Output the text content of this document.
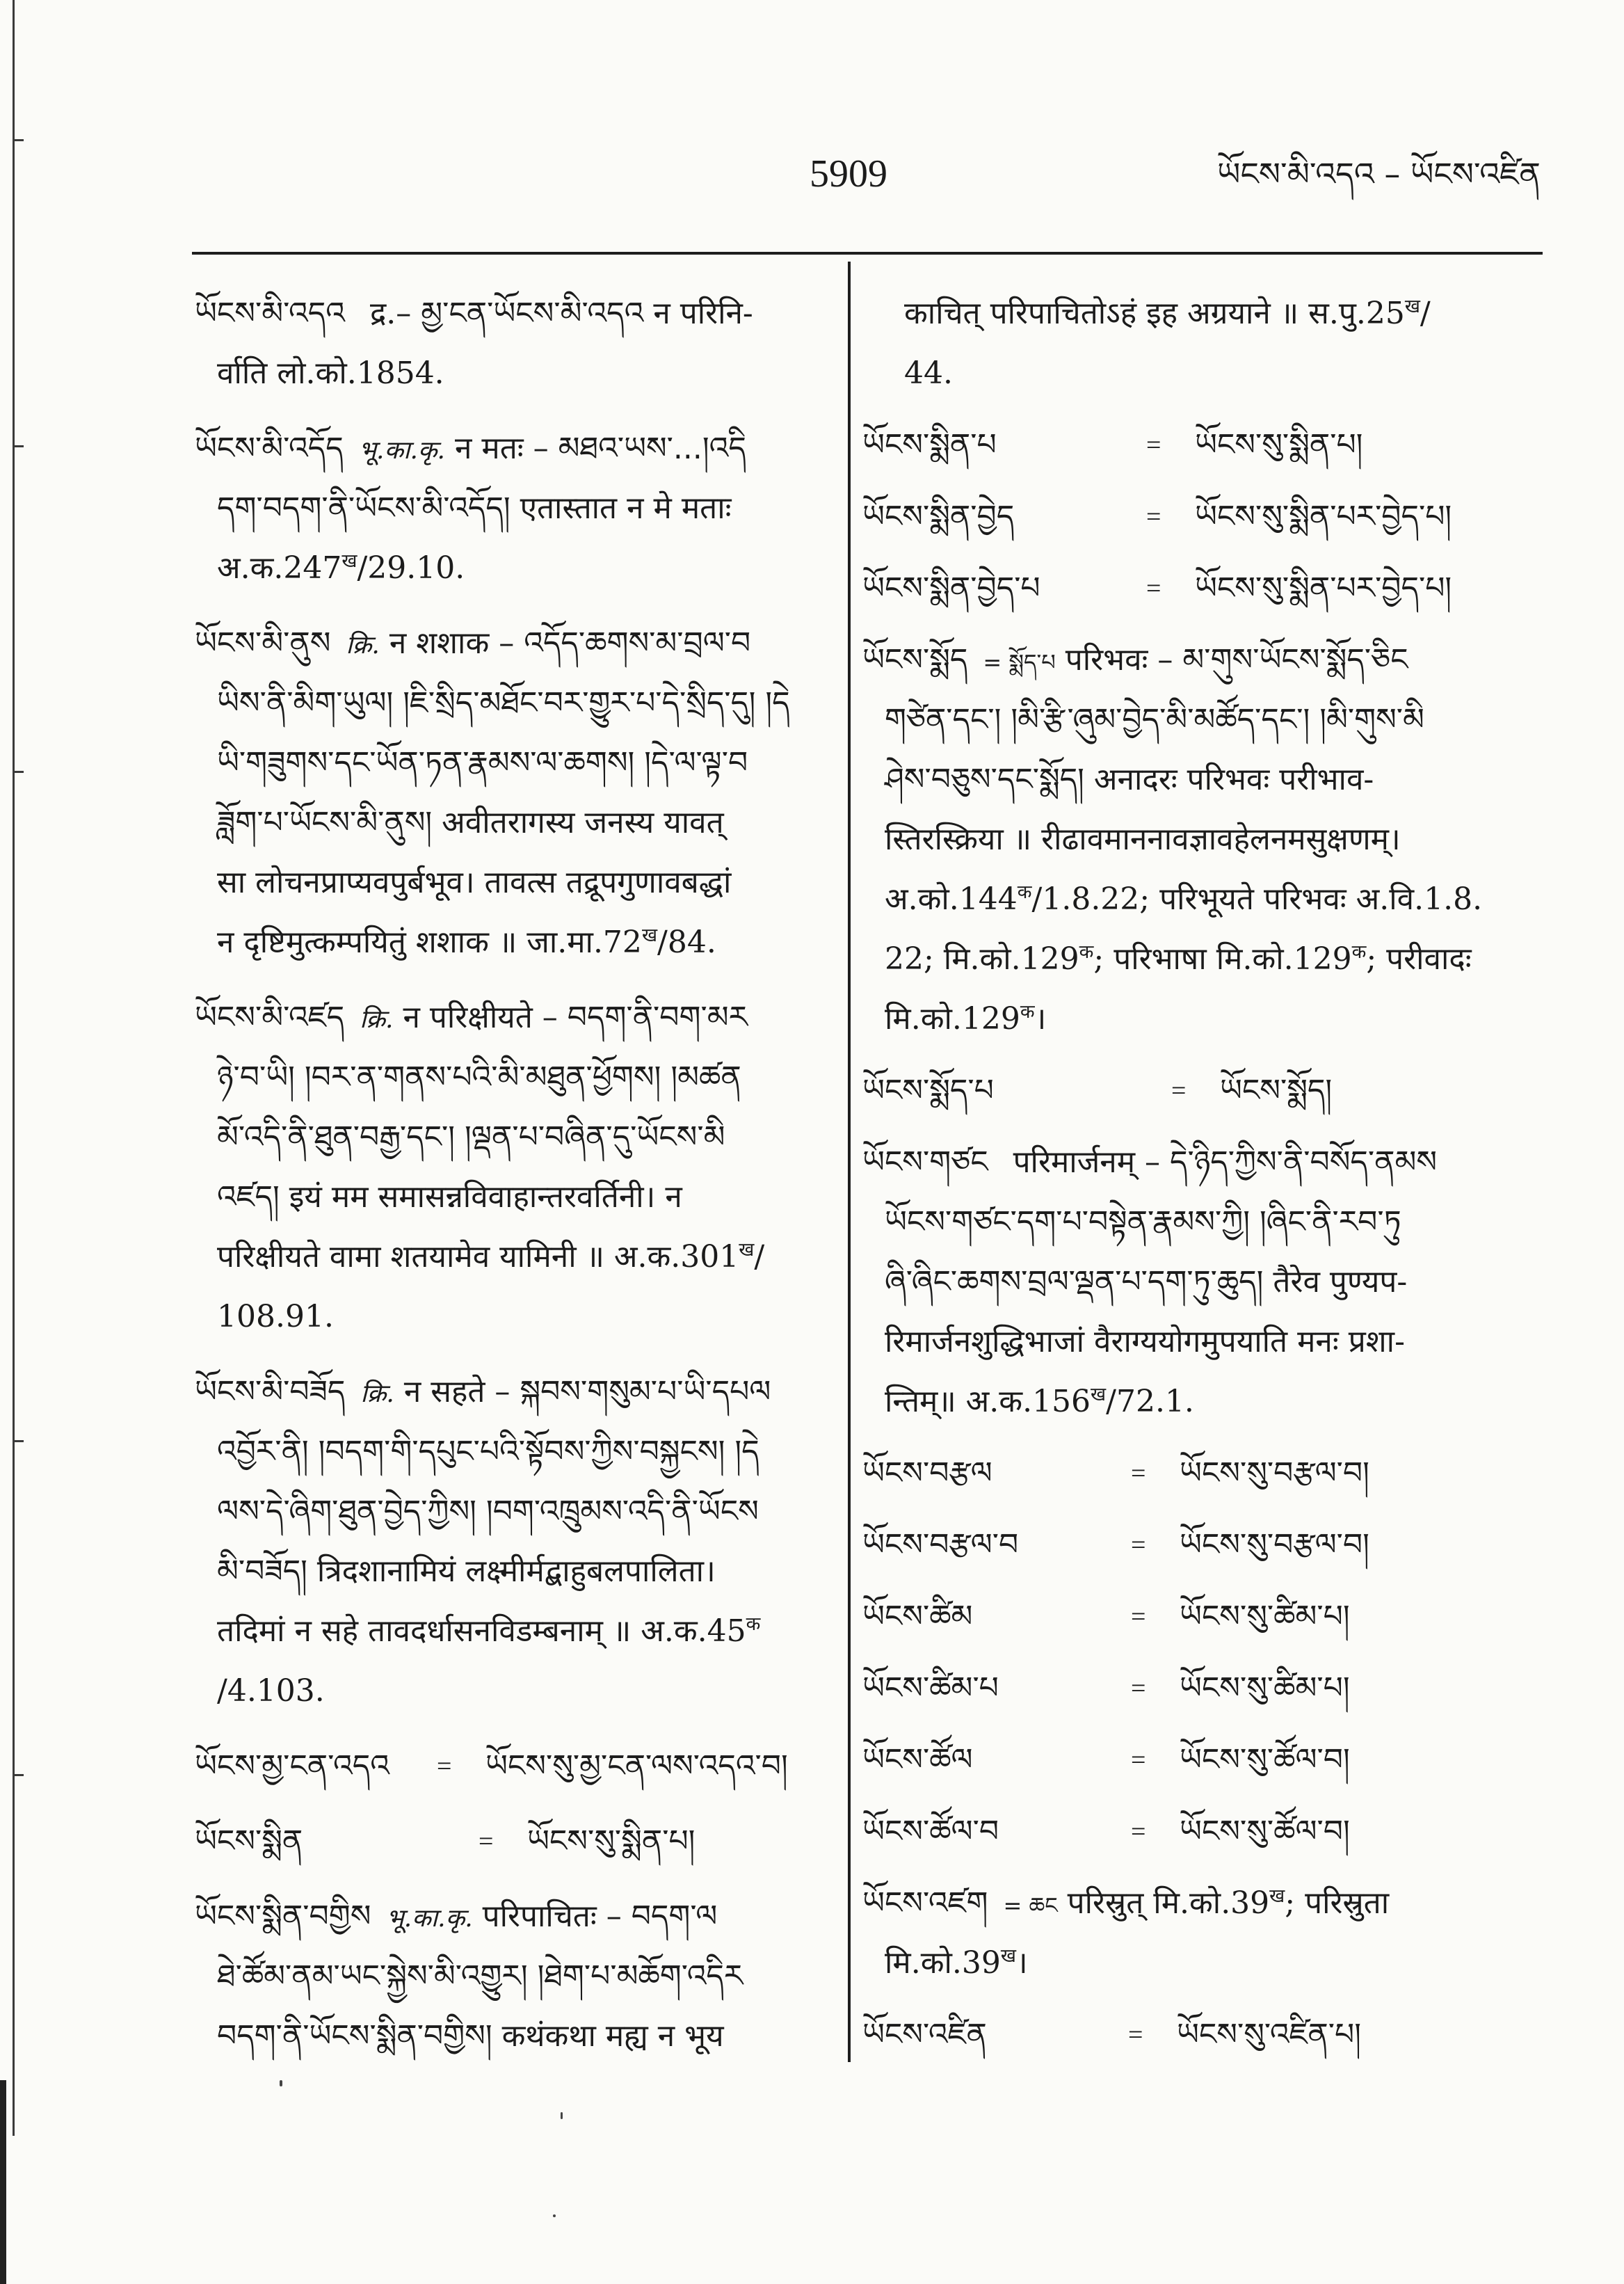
5909	ཡོངས་མི་འདའ – ཡོངས་འཛིན
ཡོངས་མི་འདའ द्र.– མྱ་ངན་ཡོངས་མི་འདའ न परिनि-
र्वाति लो.को.1854.
ཡོངས་མི་འདོད भू.का.कृ. न मतः – མཐའ་ཡས་...།འདི
དག་བདག་ནི་ཡོངས་མི་འདོད། एतास्तात न मे मताः
अ.क.247ख/29.10.
ཡོངས་མི་ནུས क्रि. न शशाक – འདོད་ཆགས་མ་བྲལ་བ
ཡིས་ནི་མིག་ཡུལ། །ཇི་སྲིད་མཐོང་བར་གྱུར་པ་དེ་སྲིད་དུ། །དེ
ཡི་གཟུགས་དང་ཡོན་ཏན་རྣམས་ལ་ཆགས། །དེ་ལ་ལྟ་བ
ཟློག་པ་ཡོངས་མི་ནུས། अवीतरागस्य जनस्य यावत्
सा लोचनप्राप्यवपुर्बभूव। तावत्स तद्रूपगुणावबद्धां
न दृष्टिमुत्कम्पयितुं शशाक ॥ जा.मा.72ख/84.
ཡོངས་མི་འཛད क्रि. न परिक्षीयते – བདག་ནི་བག་མར
ཉེ་བ་ཡི། །བར་ན་གནས་པའི་མི་མཐུན་ཕྱོགས། །མཚན
མོ་འདི་ནི་ཐུན་བརྒྱ་དང་། །ལྡན་པ་བཞིན་དུ་ཡོངས་མི
འཛད། इयं मम समासन्नविवाहान्तरवर्तिनी। न
परिक्षीयते वामा शतयामेव यामिनी ॥ अ.क.301ख/
108.91.
ཡོངས་མི་བཟོད क्रि. न सहते – སྐབས་གསུམ་པ་ཡི་དཔལ
འབྱོར་ནི། །བདག་གི་དཔུང་པའི་སྟོབས་ཀྱིས་བསྐྱངས། །དེ
ལས་དེ་ཞིག་ཐུན་བྱེད་ཀྱིས། །བག་འཁྲུམས་འདི་ནི་ཡོངས
མི་བཟོད། त्रिदशानामियं लक्ष्मीर्मद्बाहुबलपालिता।
तदिमां न सहे तावदर्धासनविडम्बनाम् ॥ अ.क.45क
/4.103.
ཡོངས་མྱ་ངན་འདའ = ཡོངས་སུ་མྱ་ངན་ལས་འདའ་བ།
ཡོངས་སྨིན	= ཡོངས་སུ་སྨིན་པ།
ཡོངས་སྨིན་བགྱིས भू.का.कृ. परिपाचितः – བདག་ལ
ཐེ་ཚོམ་ནམ་ཡང་སྐྱེས་མི་འགྱུར། །ཐེག་པ་མཆོག་འདིར
བདག་ནི་ཡོངས་སྨིན་བགྱིས། कथंकथा मह्य न भूय
काचित् परिपाचितोऽहं इह अग्रयाने ॥ स.पु.25ख/
44.
ཡོངས་སྨིན་པ	= ཡོངས་སུ་སྨིན་པ།
ཡོངས་སྨིན་བྱེད	= ཡོངས་སུ་སྨིན་པར་བྱེད་པ།
ཡོངས་སྨིན་བྱེད་པ	= ཡོངས་སུ་སྨིན་པར་བྱེད་པ།
ཡོངས་སྨོད = སྨོད་པ परिभवः – མ་གུས་ཡོངས་སྨོད་ཅིང
གཙེན་དང་། །མི་རྩི་ཞུམ་བྱེད་མི་མཚོད་དང་། །མི་གུས་མི
ཤེས་བཅུས་དང་སྨོད། अनादरः परिभवः परीभाव-
स्तिरस्क्रिया ॥ रीढावमाननावज्ञावहेलनमसुक्षणम्।
अ.को.144क/1.8.22; परिभूयते परिभवः अ.वि.1.8.
22; मि.को.129क; परिभाषा मि.को.129क; परीवादः
मि.को.129क।
ཡོངས་སྨོད་པ	= ཡོངས་སྨོད།
ཡོངས་གཙང परिमार्जनम् – དེ་ཉིད་ཀྱིས་ནི་བསོད་ནམས
ཡོངས་གཙང་དག་པ་བསྟེན་རྣམས་ཀྱི། །ཞིང་ནི་རབ་ཏུ
ཞི་ཞིང་ཆགས་བྲལ་ལྡན་པ་དག་ཏུ་ཆུད། तैरेव पुण्यप-
रिमार्जनशुद्धिभाजां वैराग्ययोगमुपयाति मनः प्रशा-
न्तिम्॥ अ.क.156ख/72.1.
ཡོངས་བརྩལ	= ཡོངས་སུ་བརྩལ་བ།
ཡོངས་བརྩལ་བ	= ཡོངས་སུ་བརྩལ་བ།
ཡོངས་ཚིམ	= ཡོངས་སུ་ཚིམ་པ།
ཡོངས་ཚིམ་པ	= ཡོངས་སུ་ཚིམ་པ།
ཡོངས་ཚོལ	= ཡོངས་སུ་ཚོལ་བ།
ཡོངས་ཚོལ་བ	= ཡོངས་སུ་ཚོལ་བ།
ཡོངས་འཛག = ཆང परिस्रुत् मि.को.39ख; परिस्रुता
मि.को.39ख।
ཡོངས་འཛིན	= ཡོངས་སུ་འཛིན་པ།
